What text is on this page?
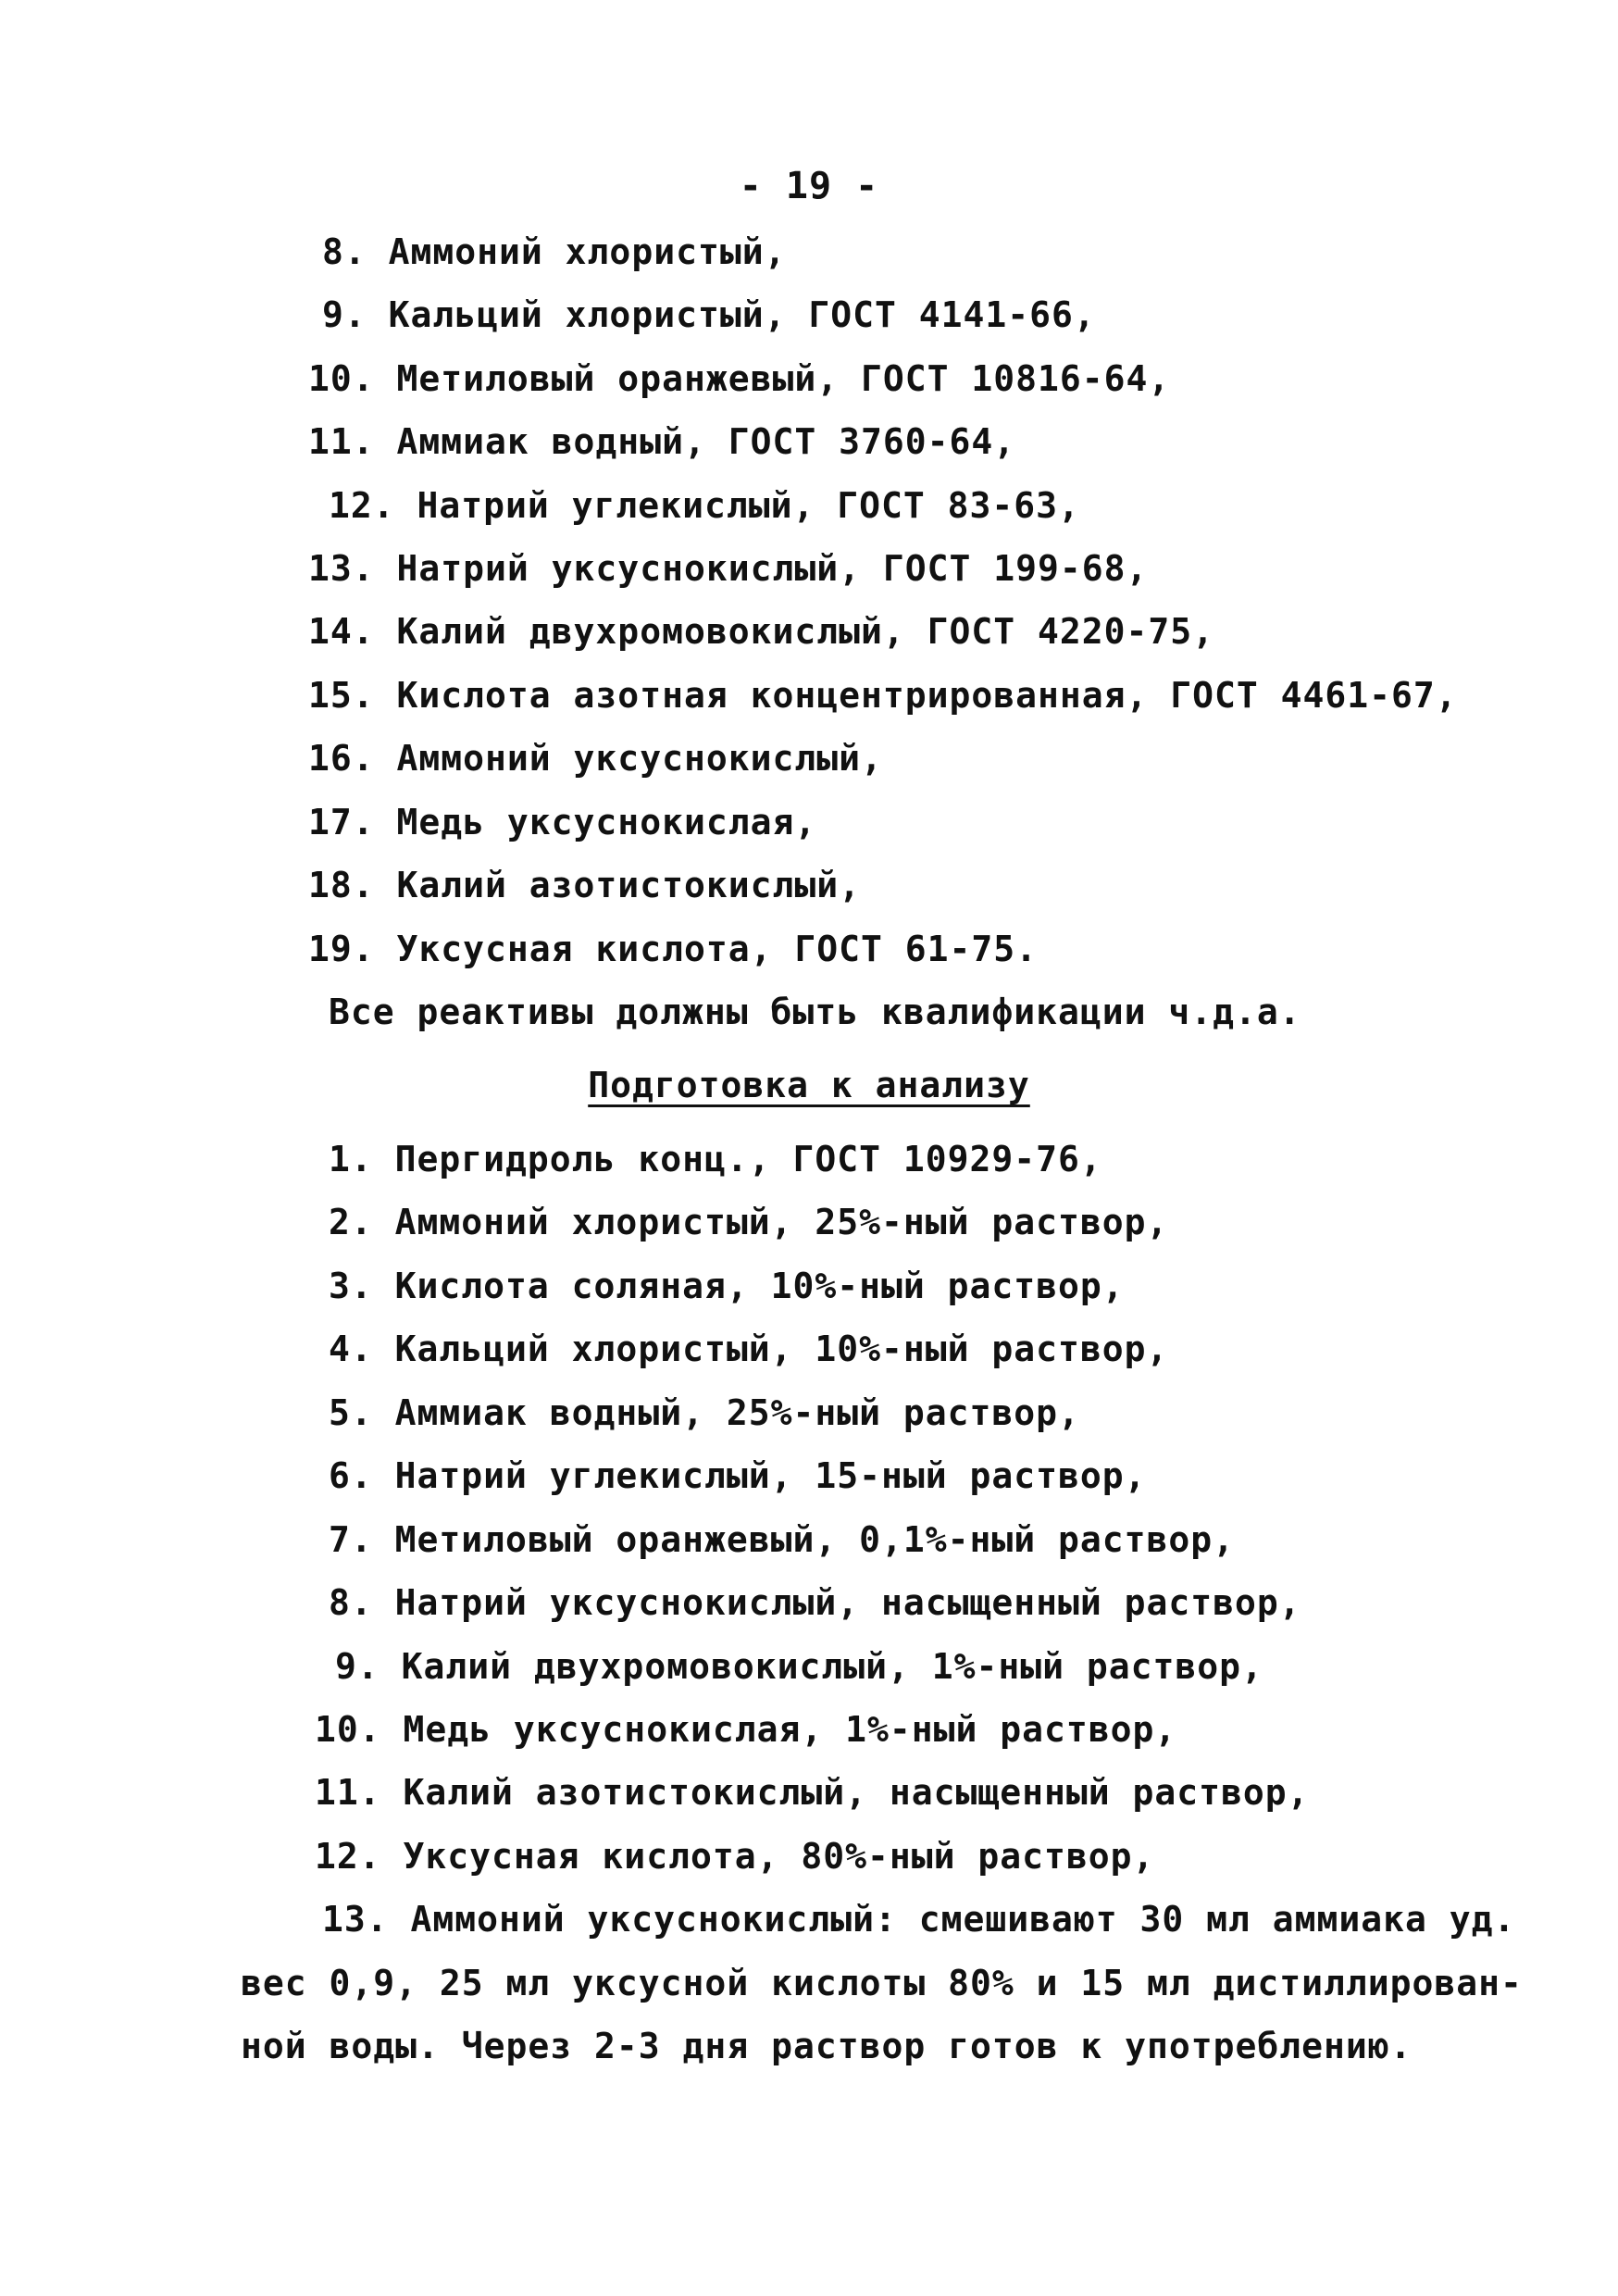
- 19 -
8. Аммоний хлористый,
9. Кальций хлористый, ГОСТ 4141-66,
10. Метиловый оранжевый, ГОСТ 10816-64,
11. Аммиак водный, ГОСТ 3760-64,
12. Натрий углекислый, ГОСТ 83-63,
13. Натрий уксуснокислый, ГОСТ 199-68,
14. Калий двухромовокислый, ГОСТ 4220-75,
15. Кислота азотная концентрированная, ГОСТ 4461-67,
16. Аммоний уксуснокислый,
17. Медь уксуснокислая,
18. Калий азотистокислый,
19. Уксусная кислота, ГОСТ 61-75.
Все реактивы должны быть квалификации ч.д.а.
Подготовка к анализу
1. Пергидроль конц., ГОСТ 10929-76,
2. Аммоний хлористый, 25%-ный раствор,
3. Кислота соляная, 10%-ный раствор,
4. Кальций хлористый, 10%-ный раствор,
5. Аммиак водный, 25%-ный раствор,
6. Натрий углекислый, 15-ный раствор,
7. Метиловый оранжевый, 0,1%-ный раствор,
8. Натрий уксуснокислый, насыщенный раствор,
9. Калий двухромовокислый, 1%-ный раствор,
10. Медь уксуснокислая, 1%-ный раствор,
11. Калий азотистокислый, насыщенный раствор,
12. Уксусная кислота, 80%-ный раствор,
13. Аммоний уксуснокислый: смешивают 30 мл аммиака уд.
вес 0,9, 25 мл уксусной кислоты 80% и 15 мл дистиллирован-
ной воды. Через 2-3 дня раствор готов к употреблению.
